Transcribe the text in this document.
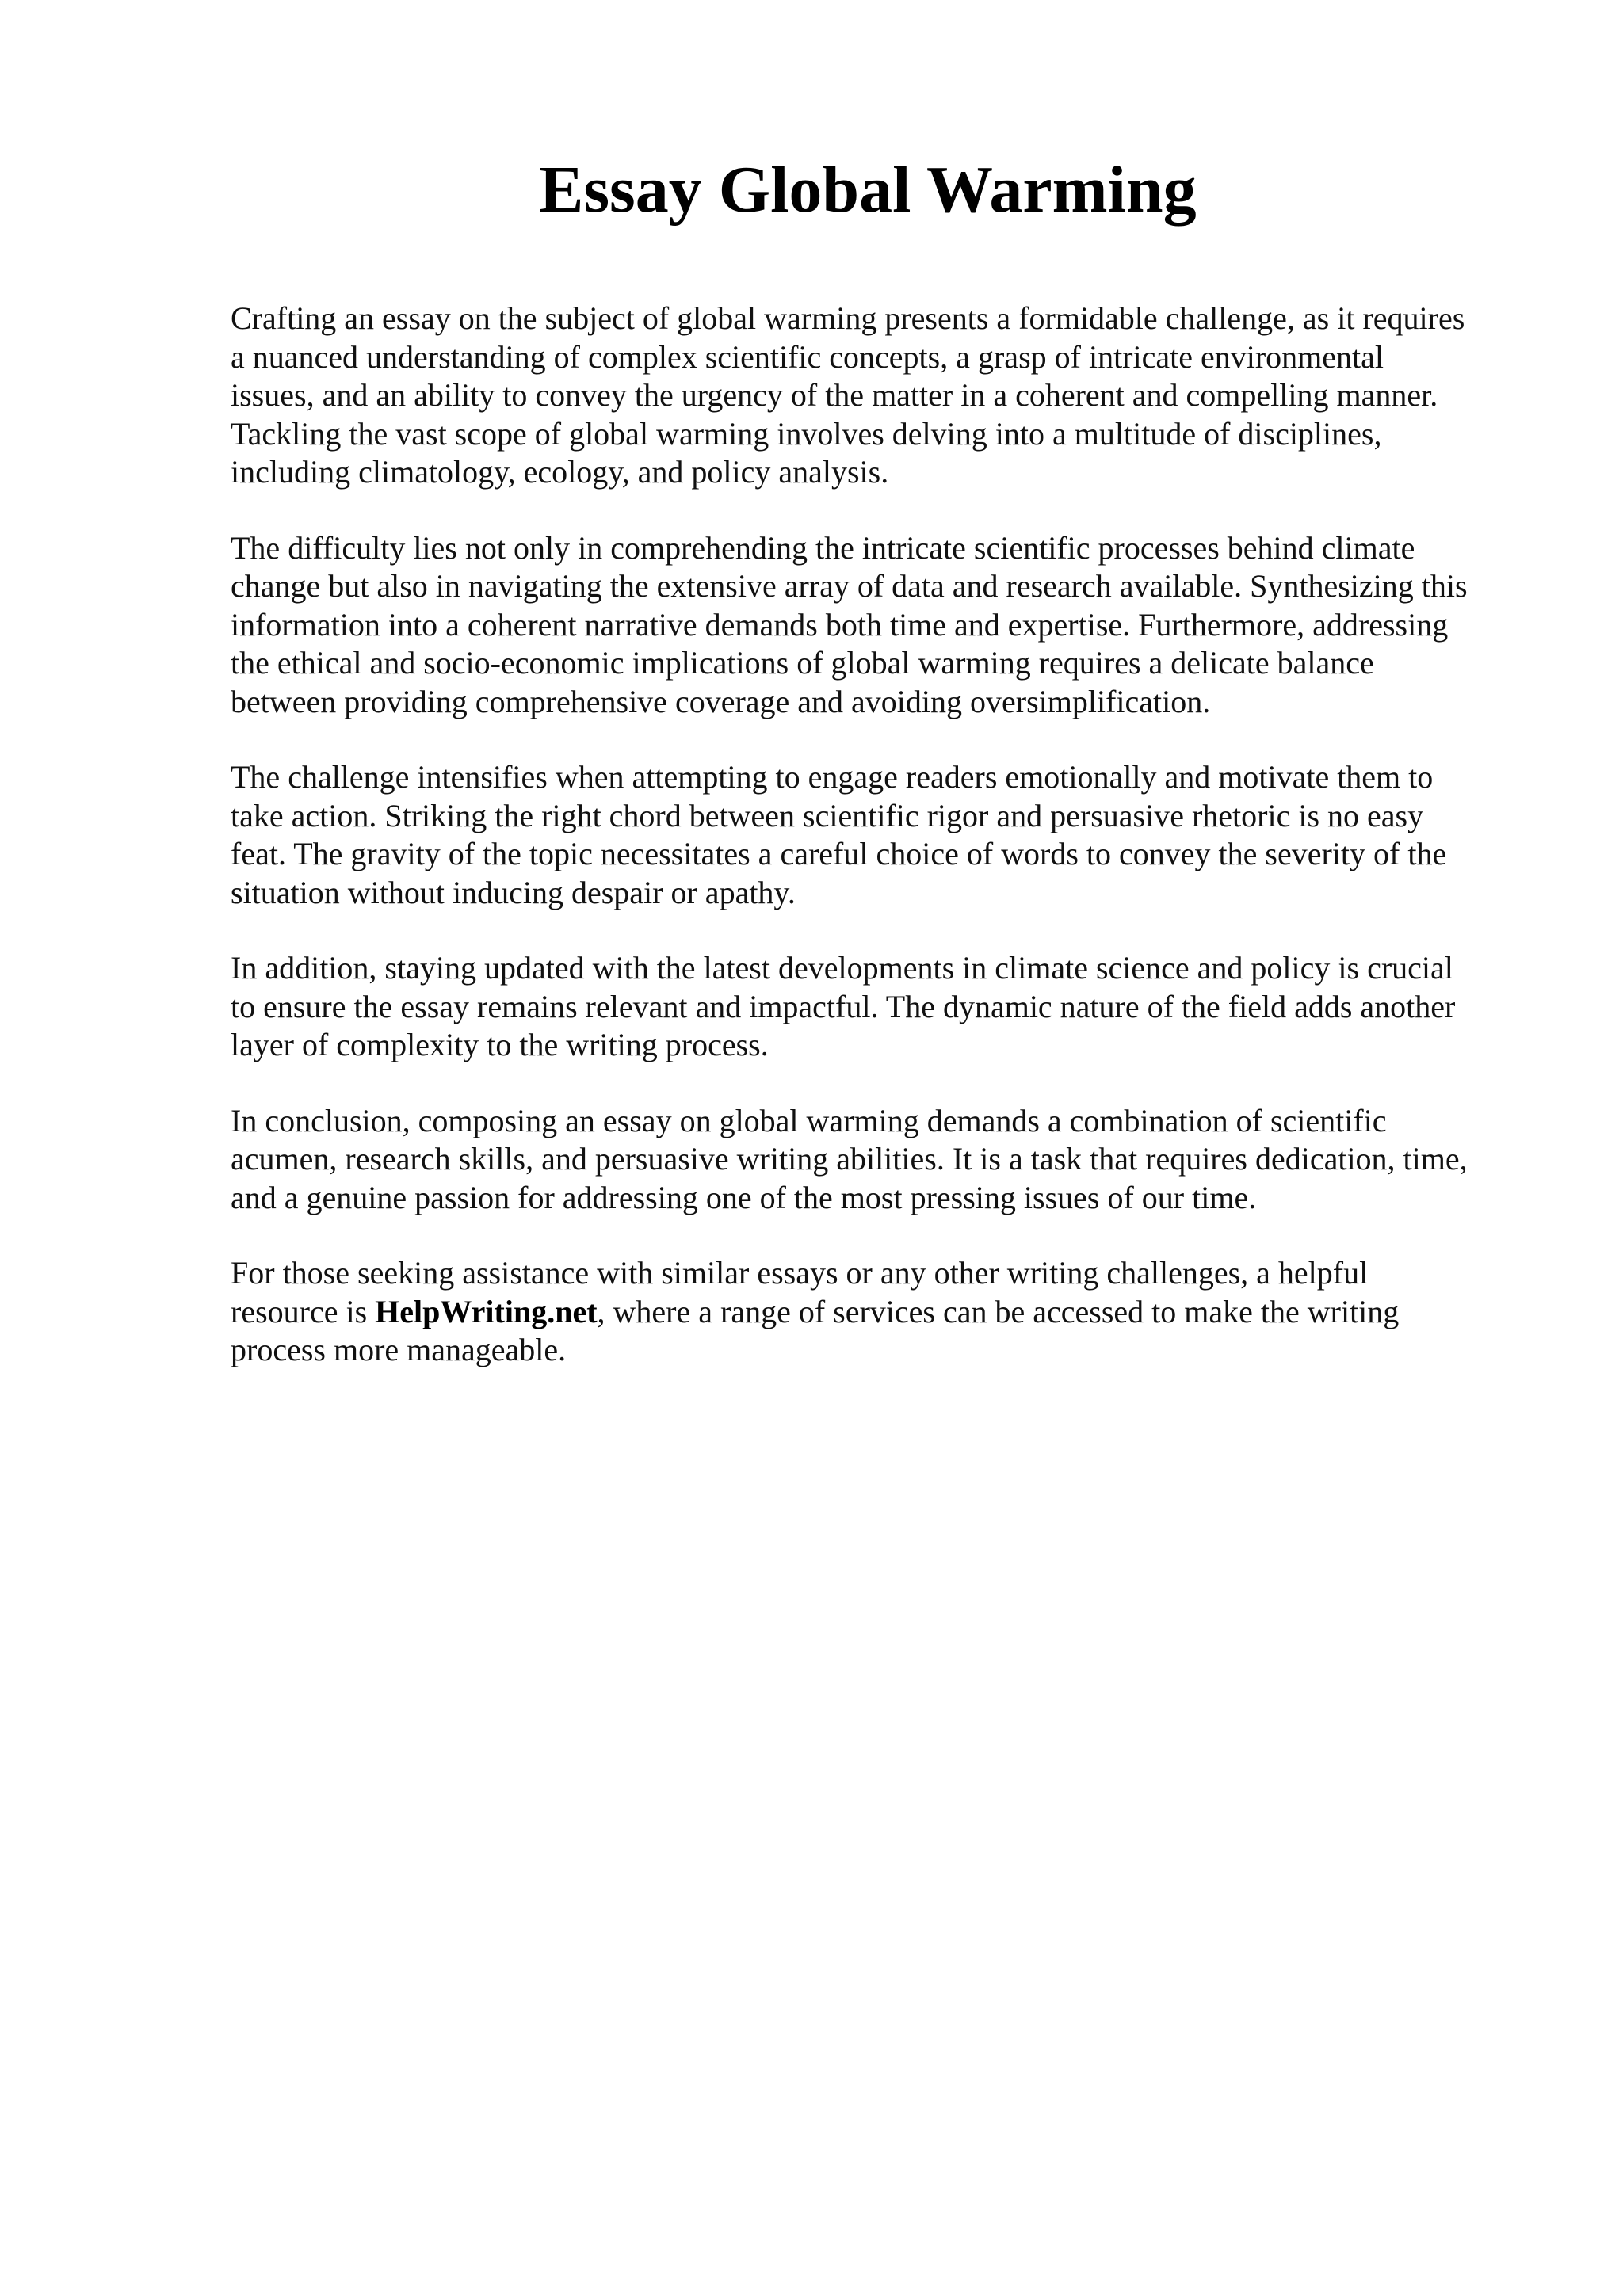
Essay Global Warming

Crafting an essay on the subject of global warming presents a formidable challenge, as it requires
a nuanced understanding of complex scientific concepts, a grasp of intricate environmental
issues, and an ability to convey the urgency of the matter in a coherent and compelling manner.
Tackling the vast scope of global warming involves delving into a multitude of disciplines,
including climatology, ecology, and policy analysis.

The difficulty lies not only in comprehending the intricate scientific processes behind climate
change but also in navigating the extensive array of data and research available. Synthesizing this
information into a coherent narrative demands both time and expertise. Furthermore, addressing
the ethical and socio-economic implications of global warming requires a delicate balance
between providing comprehensive coverage and avoiding oversimplification.

The challenge intensifies when attempting to engage readers emotionally and motivate them to
take action. Striking the right chord between scientific rigor and persuasive rhetoric is no easy
feat. The gravity of the topic necessitates a careful choice of words to convey the severity of the
situation without inducing despair or apathy.

In addition, staying updated with the latest developments in climate science and policy is crucial
to ensure the essay remains relevant and impactful. The dynamic nature of the field adds another
layer of complexity to the writing process.

In conclusion, composing an essay on global warming demands a combination of scientific
acumen, research skills, and persuasive writing abilities. It is a task that requires dedication, time,
and a genuine passion for addressing one of the most pressing issues of our time.

For those seeking assistance with similar essays or any other writing challenges, a helpful
resource is HelpWriting.net, where a range of services can be accessed to make the writing
process more manageable.
